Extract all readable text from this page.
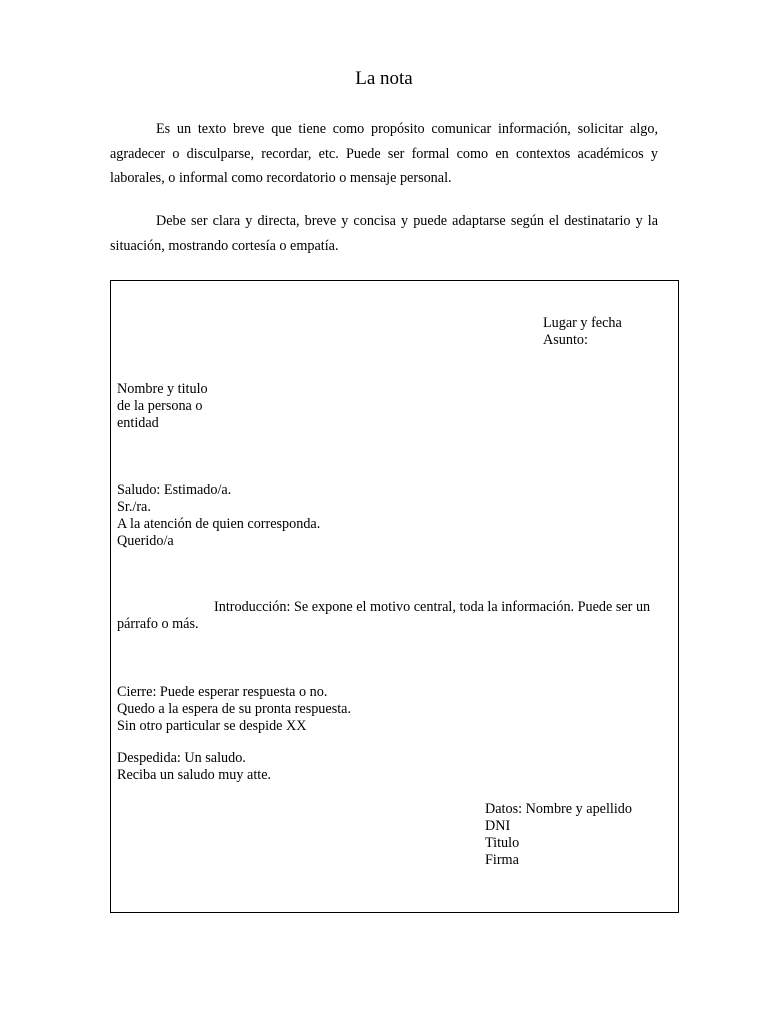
La nota
Es un texto breve que tiene como propósito comunicar información, solicitar algo, agradecer o disculparse, recordar, etc. Puede ser formal como en contextos académicos y laborales, o informal como recordatorio o mensaje personal.
Debe ser clara y directa, breve y concisa y puede adaptarse según el destinatario y la situación, mostrando cortesía o empatía.
Lugar y fecha
Asunto:
Nombre y titulo
de la persona o
entidad
Saludo: Estimado/a.
Sr./ra.
A la atención de quien corresponda.
Querido/a
Introducción: Se expone el motivo central, toda la información. Puede ser un párrafo o más.
Cierre: Puede esperar respuesta o no.
Quedo a la espera de su pronta respuesta.
Sin otro particular se despide XX
Despedida: Un saludo.
Reciba un saludo muy atte.
Datos: Nombre y apellido
DNI
Titulo
Firma
